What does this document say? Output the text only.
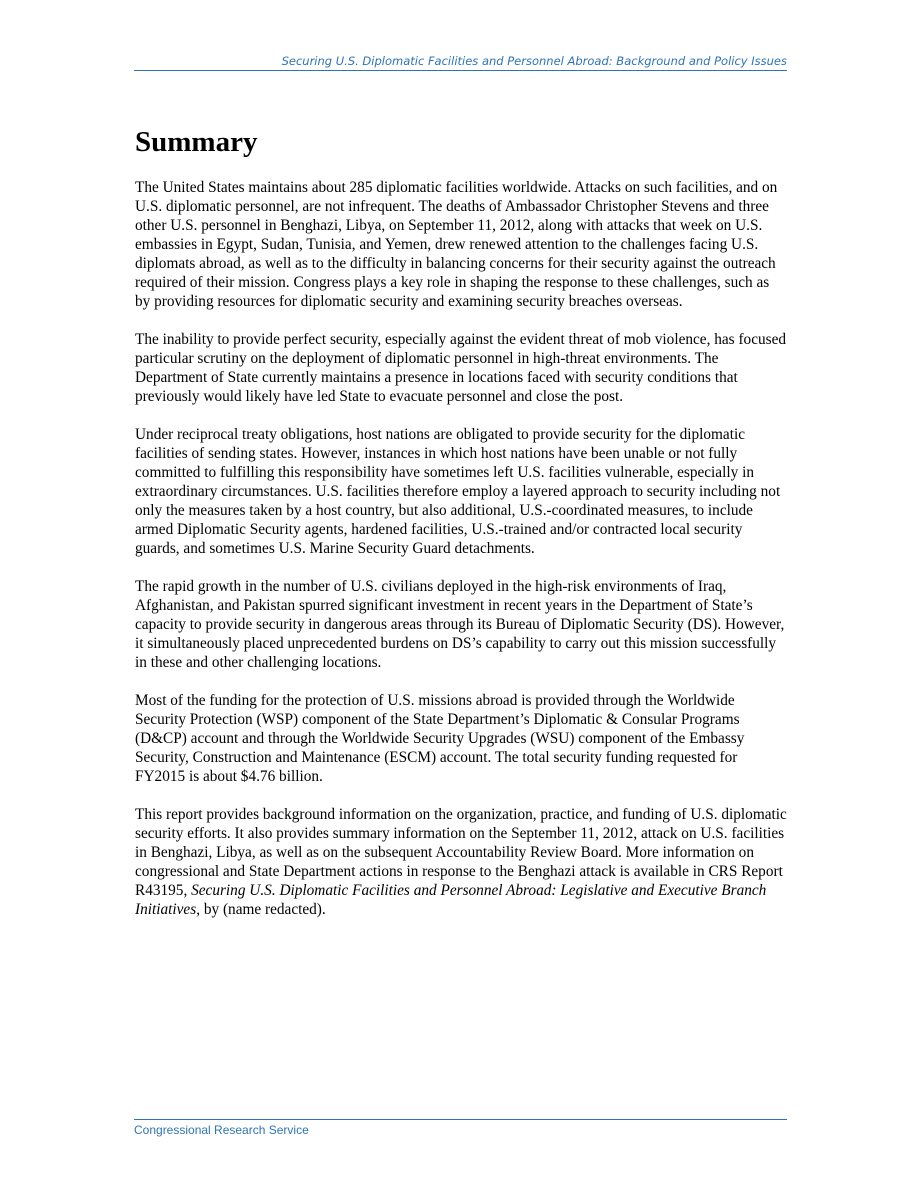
Securing U.S. Diplomatic Facilities and Personnel Abroad: Background and Policy Issues
Summary

The United States maintains about 285 diplomatic facilities worldwide. Attacks on such facilities, and on U.S. diplomatic personnel, are not infrequent. The deaths of Ambassador Christopher Stevens and three other U.S. personnel in Benghazi, Libya, on September 11, 2012, along with attacks that week on U.S. embassies in Egypt, Sudan, Tunisia, and Yemen, drew renewed attention to the challenges facing U.S. diplomats abroad, as well as to the difficulty in balancing concerns for their security against the outreach required of their mission. Congress plays a key role in shaping the response to these challenges, such as by providing resources for diplomatic security and examining security breaches overseas.

The inability to provide perfect security, especially against the evident threat of mob violence, has focused particular scrutiny on the deployment of diplomatic personnel in high-threat environments. The Department of State currently maintains a presence in locations faced with security conditions that previously would likely have led State to evacuate personnel and close the post.

Under reciprocal treaty obligations, host nations are obligated to provide security for the diplomatic facilities of sending states. However, instances in which host nations have been unable or not fully committed to fulfilling this responsibility have sometimes left U.S. facilities vulnerable, especially in extraordinary circumstances. U.S. facilities therefore employ a layered approach to security including not only the measures taken by a host country, but also additional, U.S.-coordinated measures, to include armed Diplomatic Security agents, hardened facilities, U.S.-trained and/or contracted local security guards, and sometimes U.S. Marine Security Guard detachments.

The rapid growth in the number of U.S. civilians deployed in the high-risk environments of Iraq, Afghanistan, and Pakistan spurred significant investment in recent years in the Department of State’s capacity to provide security in dangerous areas through its Bureau of Diplomatic Security (DS). However, it simultaneously placed unprecedented burdens on DS’s capability to carry out this mission successfully in these and other challenging locations.

Most of the funding for the protection of U.S. missions abroad is provided through the Worldwide Security Protection (WSP) component of the State Department’s Diplomatic & Consular Programs (D&CP) account and through the Worldwide Security Upgrades (WSU) component of the Embassy Security, Construction and Maintenance (ESCM) account. The total security funding requested for FY2015 is about $4.76 billion.

This report provides background information on the organization, practice, and funding of U.S. diplomatic security efforts. It also provides summary information on the September 11, 2012, attack on U.S. facilities in Benghazi, Libya, as well as on the subsequent Accountability Review Board. More information on congressional and State Department actions in response to the Benghazi attack is available in CRS Report R43195, Securing U.S. Diplomatic Facilities and Personnel Abroad: Legislative and Executive Branch Initiatives, by (name redacted).

Congressional Research Service
